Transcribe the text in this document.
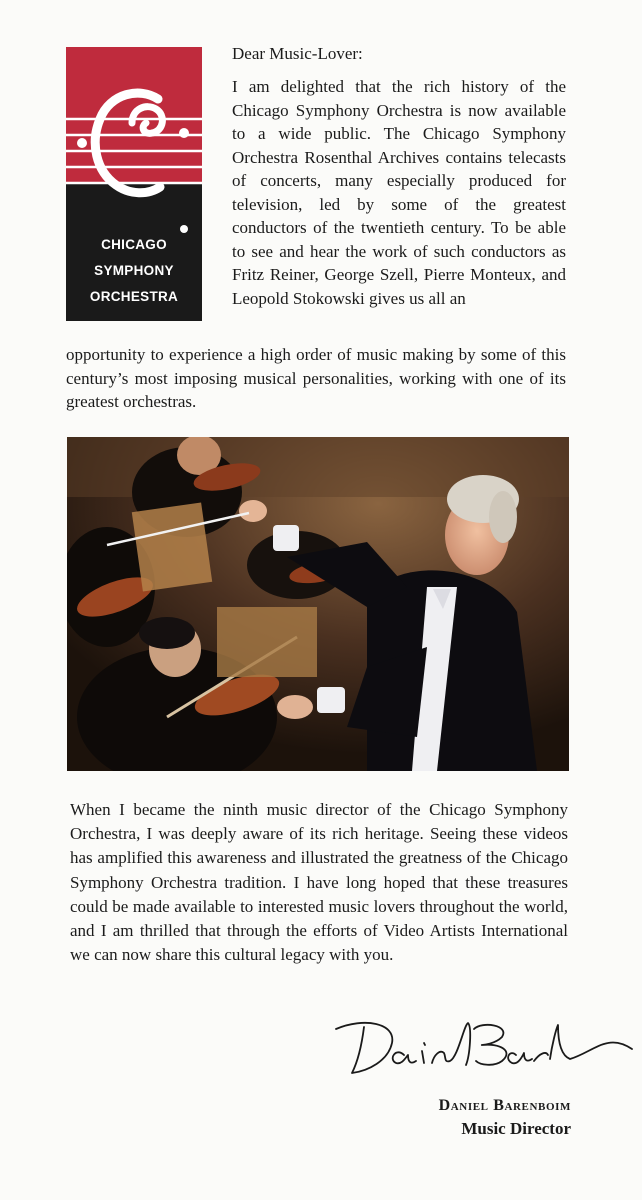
CHICAGO
SYMPHONY
ORCHESTRA
Dear Music-Lover:

I am delighted that the rich history of the Chicago Symphony Orchestra is now available to a wide public. The Chicago Symphony Orchestra Rosenthal Archives contains telecasts of concerts, many especially produced for television, led by some of the greatest conductors of the twentieth century. To be able to see and hear the work of such conductors as Fritz Reiner, George Szell, Pierre Monteux, and Leopold Stokowski gives us all an

opportunity to experience a high order of music making by some of this century’s most imposing musical personalities, working with one of its greatest orchestras.

When I became the ninth music director of the Chicago Symphony Orchestra, I was deeply aware of its rich heritage. Seeing these videos has amplified this awareness and illustrated the greatness of the Chicago Symphony Orchestra tradition. I have long hoped that these treasures could be made available to interested music lovers throughout the world, and I am thrilled that through the efforts of Video Artists International we can now share this cultural legacy with you.

Daniel Barenboim
Music Director
